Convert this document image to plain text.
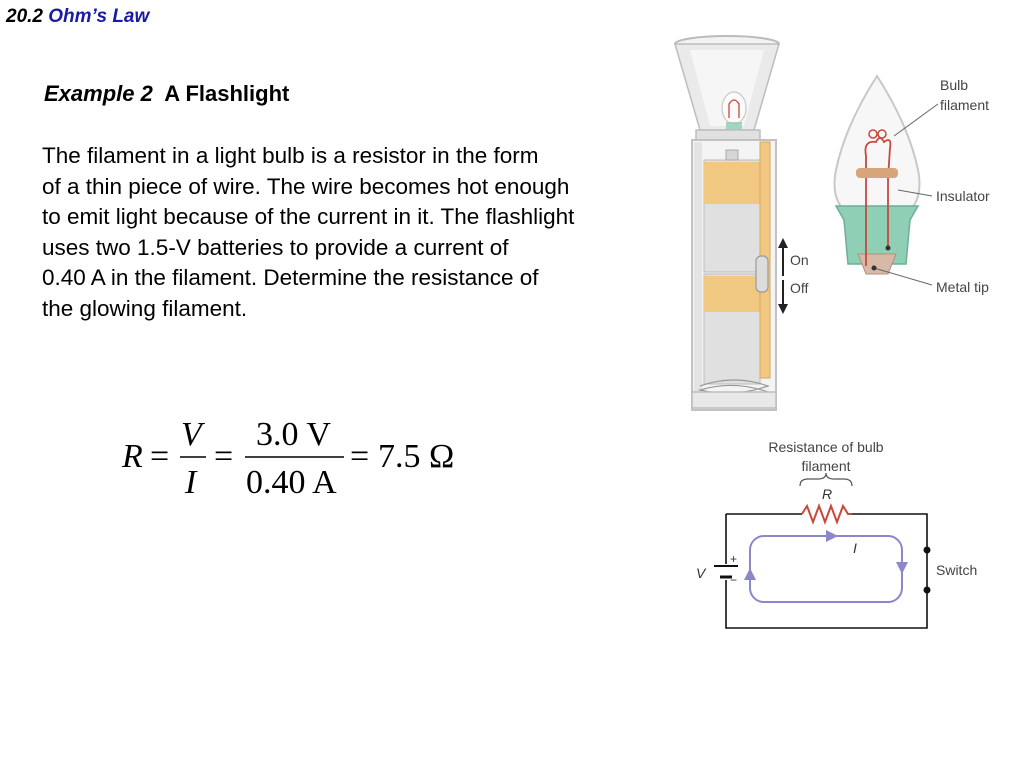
20.2 Ohm’s Law
Example 2 A Flashlight
The filament in a light bulb is a resistor in the form
of a thin piece of wire. The wire becomes hot enough
to emit light because of the current in it. The flashlight
uses two 1.5-V batteries to provide a current of
0.40 A in the filament. Determine the resistance of
the glowing filament.
R =
V
I
=
3.0 V
0.40 A
= 7.5 Ω
On
Off
Bulb
filament
Insulator
Metal tip
Resistance of bulb
filament
R
+
−
V	Switch
I
